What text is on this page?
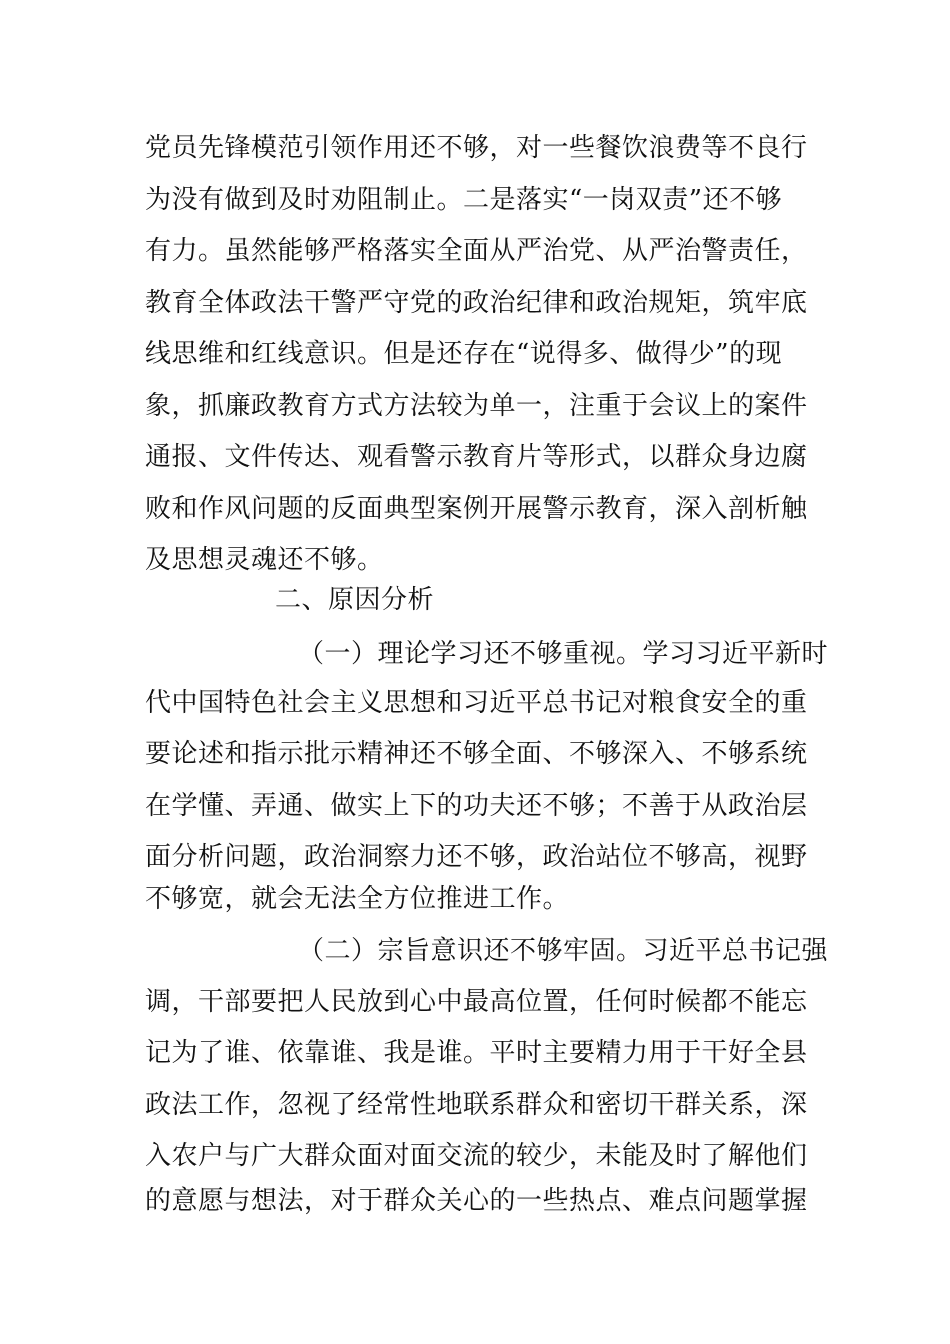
党员先锋模范引领作用还不够，对一些餐饮浪费等不良行
为没有做到及时劝阻制止。二是落实“一岗双责”还不够
有力。虽然能够严格落实全面从严治党、从严治警责任，
教育全体政法干警严守党的政治纪律和政治规矩，筑牢底
线思维和红线意识。但是还存在“说得多、做得少”的现
象，抓廉政教育方式方法较为单一，注重于会议上的案件
通报、文件传达、观看警示教育片等形式，以群众身边腐
败和作风问题的反面典型案例开展警示教育，深入剖析触
及思想灵魂还不够。
二、原因分析
（一）理论学习还不够重视。学习习近平新时
代中国特色社会主义思想和习近平总书记对粮食安全的重
要论述和指示批示精神还不够全面、不够深入、不够系统
在学懂、弄通、做实上下的功夫还不够；不善于从政治层
面分析问题，政治洞察力还不够，政治站位不够高，视野
不够宽，就会无法全方位推进工作。
（二）宗旨意识还不够牢固。习近平总书记强
调，干部要把人民放到心中最高位置，任何时候都不能忘
记为了谁、依靠谁、我是谁。平时主要精力用于干好全县
政法工作，忽视了经常性地联系群众和密切干群关系，深
入农户与广大群众面对面交流的较少，未能及时了解他们
的意愿与想法，对于群众关心的一些热点、难点问题掌握
